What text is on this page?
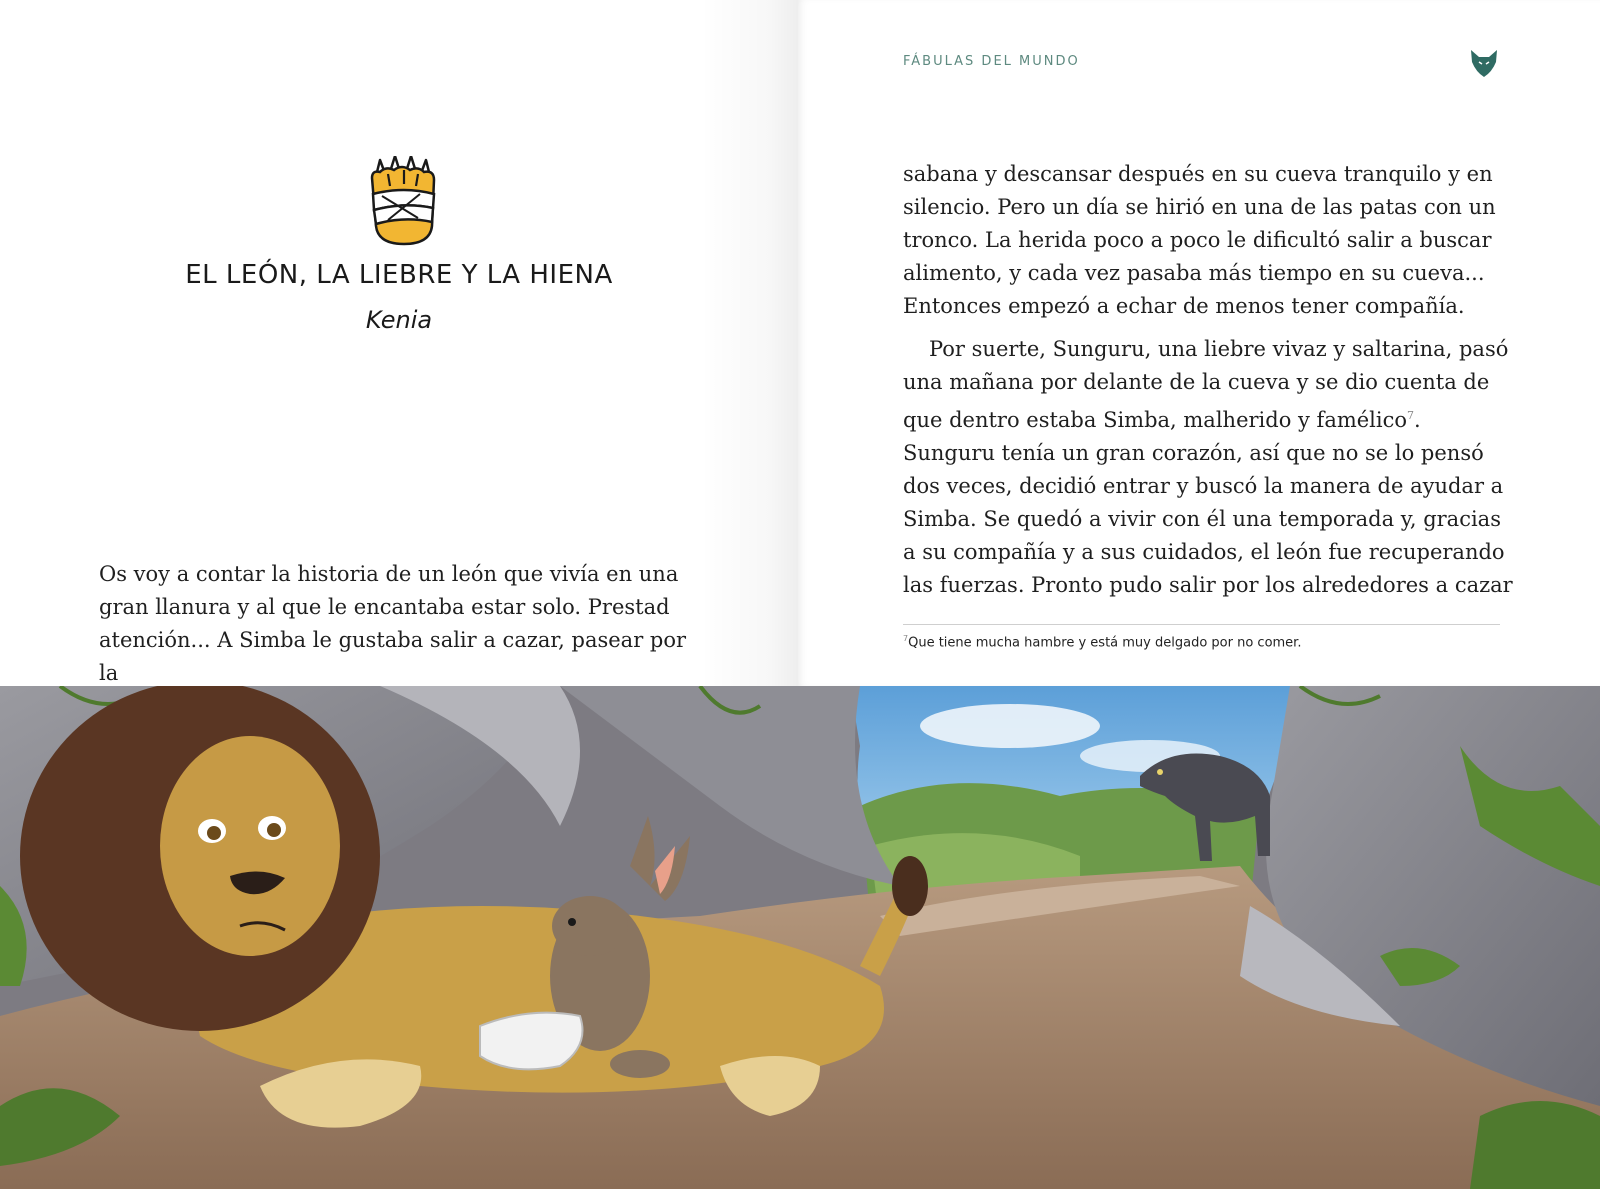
EL LEÓN, LA LIEBRE Y LA HIENA
Kenia

Os voy a contar la historia de un león que vivía en una gran llanura y al que le encantaba estar solo. Prestad atención... A Simba le gustaba salir a cazar, pasear por la

FÁBULAS DEL MUNDO

sabana y descansar después en su cueva tranquilo y en silencio. Pero un día se hirió en una de las patas con un tronco. La herida poco a poco le dificultó salir a buscar alimento, y cada vez pasaba más tiempo en su cueva... Entonces empezó a echar de menos tener compañía.

Por suerte, Sunguru, una liebre vivaz y saltarina, pasó una mañana por delante de la cueva y se dio cuenta de que dentro estaba Simba, malherido y famélico$^7$. Sunguru tenía un gran corazón, así que no se lo pensó dos veces, decidió entrar y buscó la manera de ayudar a Simba. Se quedó a vivir con él una temporada y, gracias a su compañía y a sus cuidados, el león fue recuperando las fuerzas. Pronto pudo salir por los alrededores a cazar

$^7$Que tiene mucha hambre y está muy delgado por no comer.
